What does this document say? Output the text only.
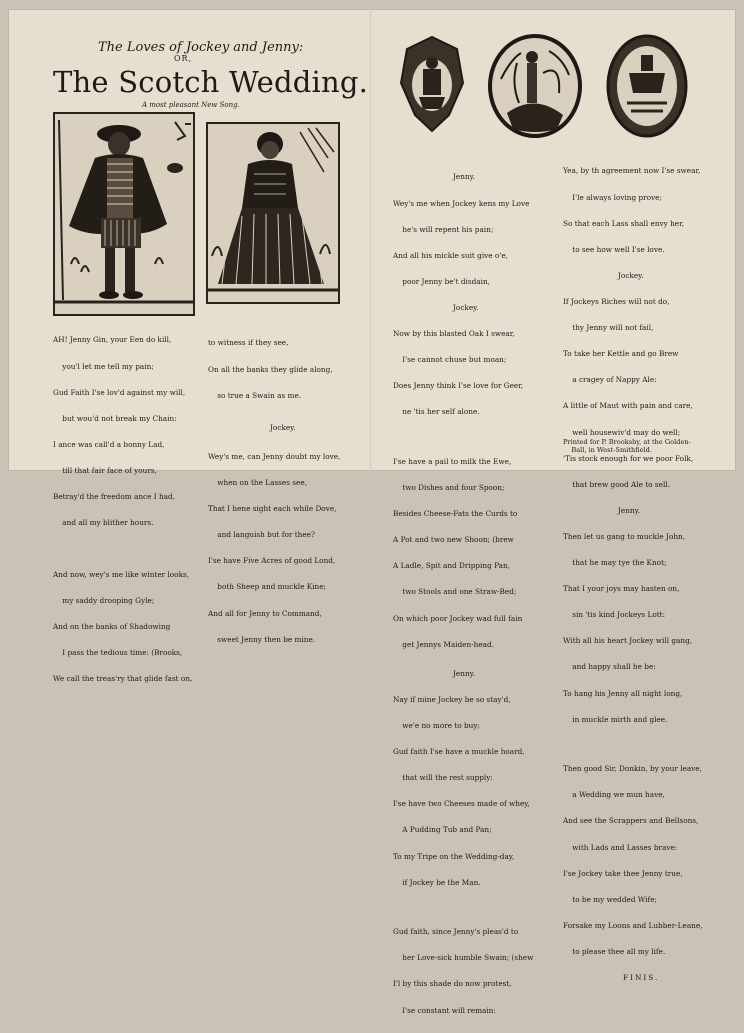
The Loves of Jockey and Jenny:
OR,
The Scotch Wedding.
A most pleasant New Song.

AH! Jenny Gin, your Een do kill,

you'l let me tell my pain;

Gud Faith I'se lov'd against my will,

but wou'd not break my Chain:

I ance was call'd a bonny Lad,

till that fair face of yours,

Betray'd the freedom ance I had,

and all my blither hours.

And now, wey's me like winter looks,

my saddy drooping Gyle;

And on the banks of Shadowing

I pass the tedious time: (Brooks,

We call the treas'ry that glide fast on,

to witness if they see,

On all the banks they glide along,

so true a Swain as me.

Jockey.

Wey's me, can Jenny doubt my love,

when on the Lasses see,

That I hene sight each while Dove,

and languish but for thee?

I'se have Five Acres of good Lond,

both Sheep and muckle Kine;

And all for Jenny to Command,

sweet Jenny then be mine.

Jenny.

Wey's me when Jockey kens my Love

he's will repent his pain;

And all his mickle suit give o'e,

poor Jenny be't disdain,

Jockey.

Now by this blasted Oak I swear,

I'se cannot chuse but moan;

Does Jenny think I'se love for Geer,

ne 'tis her self alone.

I'se have a pail to milk the Ewe,

two Dishes and four Spoon;

Besides Cheese-Fats the Curds to

A Pot and two new Shoon; (brew

A Ladle, Spit and Dripping Pan,

two Stools and one Straw-Bed;

On which poor Jockey wad full fain

get Jennys Maiden-head.

Jenny.

Nay if mine Jockey be so stay'd,

we'e no more to buy;

Gud faith I'se have a muckle hoard,

that will the rest supply:

I'se have two Cheeses made of whey,

A Pudding Tub and Pan;

To my Tripe on the Wedding-day,

if Jockey be the Man.

Gud faith, since Jenny's pleas'd to

her Love-sick humble Swain; (shew

I'l by this shade do now protest,

I'se constant will remain:

Yea, by th agreement now I'se swear,

I'le always loving prove;

So that each Lass shall envy her,

to see how well I'se love.

Jockey.

If Jockeys Riches will not do,

thy Jenny will not fail,

To take her Kettle and go Brew

a cragey of Nappy Ale:

A little of Maut with pain and care,

well housewiv'd may do well;

'Tis stock enough for we poor Folk,

that brew good Ale to sell.

Jenny.

Then let us gang to muckle John,

that he may tye the Knot;

That I your joys may hasten on,

sin 'tis kind Jockeys Lott:

With all his heart Jockey will gang,

and happy shall he be:

To hang his Jenny all night long,

in muckle mirth and glee.

Then good Sir, Donkin, by your leave,

a Wedding we mun have,

And see the Scrappers and Bellsons,

with Lads and Lasses brave:

I'se Jockey take thee Jenny true,

to be my wedded Wife;

Forsake my Loons and Lubber-Leane,

to please thee all my life.

FINIS.

Printed for P. Brooksby, at the Golden-
Ball, in West-Smithfield.
